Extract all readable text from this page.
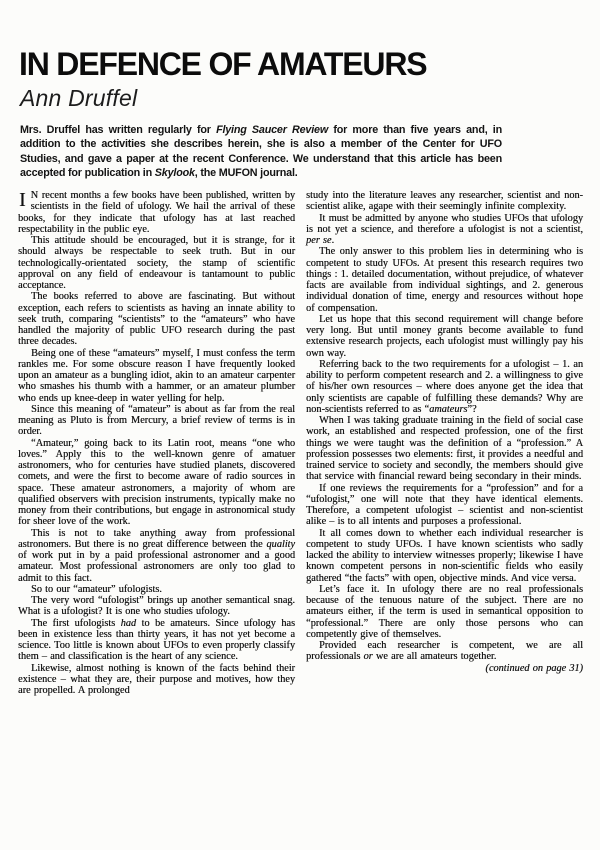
IN DEFENCE OF AMATEURS
Ann Druffel

Mrs. Druffel has written regularly for Flying Saucer Review for more than five years and, in addition to the activities she describes herein, she is also a member of the Center for UFO Studies, and gave a paper at the recent Conference. We understand that this article has been accepted for publication in Skylook, the MUFON journal.

I N recent months a few books have been published, written by scientists in the field of ufology. We hail the arrival of these books, for they indicate that ufology has at last reached respectability in the public eye.

This attitude should be encouraged, but it is strange, for it should always be respectable to seek truth. But in our technologically-orientated society, the stamp of scientific approval on any field of endeavour is tantamount to public acceptance.

The books referred to above are fascinating. But without exception, each refers to scientists as having an innate ability to seek truth, comparing “scientists” to the “amateurs” who have handled the majority of public UFO research during the past three decades.

Being one of these “amateurs” myself, I must confess the term rankles me. For some obscure reason I have frequently looked upon an amateur as a bungling idiot, akin to an amateur carpenter who smashes his thumb with a hammer, or an amateur plumber who ends up knee-deep in water yelling for help.

Since this meaning of “amateur” is about as far from the real meaning as Pluto is from Mercury, a brief review of terms is in order.

“Amateur,” going back to its Latin root, means “one who loves.” Apply this to the well-known genre of amatuer astronomers, who for centuries have studied planets, discovered comets, and were the first to become aware of radio sources in space. These amateur astronomers, a majority of whom are qualified observers with precision instruments, typically make no money from their contributions, but engage in astronomical study for sheer love of the work.

This is not to take anything away from professional astronomers. But there is no great difference between the quality of work put in by a paid professional astronomer and a good amateur. Most professional astronomers are only too glad to admit to this fact.

So to our “amateur” ufologists.

The very word “ufologist” brings up another semantical snag. What is a ufologist? It is one who studies ufology.

The first ufologists had to be amateurs. Since ufology has been in existence less than thirty years, it has not yet become a science. Too little is known about UFOs to even properly classify them – and classification is the heart of any science.

Likewise, almost nothing is known of the facts behind their existence – what they are, their purpose and motives, how they are propelled. A prolonged

study into the literature leaves any researcher, scientist and non-scientist alike, agape with their seemingly infinite complexity.

It must be admitted by anyone who studies UFOs that ufology is not yet a science, and therefore a ufologist is not a scientist, per se.

The only answer to this problem lies in determining who is competent to study UFOs. At present this research requires two things : 1. detailed documentation, without prejudice, of whatever facts are available from individual sightings, and 2. generous individual donation of time, energy and resources without hope of compensation.

Let us hope that this second requirement will change before very long. But until money grants become available to fund extensive research projects, each ufologist must willingly pay his own way.

Referring back to the two requirements for a ufologist – 1. an ability to perform competent research and 2. a willingness to give of his/her own resources – where does anyone get the idea that only scientists are capable of fulfilling these demands? Why are non-scientists referred to as “amateurs”?

When I was taking graduate training in the field of social case work, an established and respected profession, one of the first things we were taught was the definition of a “profession.” A profession possesses two elements: first, it provides a needful and trained service to society and secondly, the members should give that service with financial reward being secondary in their minds.

If one reviews the requirements for a “profession” and for a “ufologist,” one will note that they have identical elements. Therefore, a competent ufologist – scientist and non-scientist alike – is to all intents and purposes a professional.

It all comes down to whether each individual researcher is competent to study UFOs. I have known scientists who sadly lacked the ability to interview witnesses properly; likewise I have known competent persons in non-scientific fields who easily gathered “the facts” with open, objective minds. And vice versa.

Let’s face it. In ufology there are no real professionals because of the tenuous nature of the subject. There are no amateurs either, if the term is used in semantical opposition to “professional.” There are only those persons who can competently give of themselves.

Provided each researcher is competent, we are all professionals or we are all amateurs together.

(continued on page 31)
